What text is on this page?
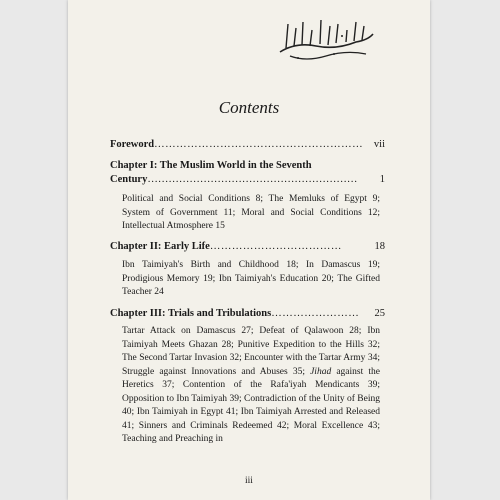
Contents
Foreword………………………………………………… vii
Chapter I: The Muslim World in the Seventh
Century…………………………………………………… 1
Political and Social Conditions 8; The Memluks of Egypt 9; System of Government 11; Moral and Social Conditions 12; Intellectual Atmosphere 15
Chapter II: Early Life………………………………	18
Ibn Taimiyah's Birth and Childhood 18; In Damascus 19; Prodigious Memory 19; Ibn Taimiyah's Education 20; The Gifted Teacher 24
Chapter III: Trials and Tribulations…………………… 25
Tartar Attack on Damascus 27; Defeat of Qalawoon 28; Ibn Taimiyah Meets Ghazan 28; Punitive Expedition to the Hills 32; The Second Tartar Invasion 32; Encounter with the Tartar Army 34; Struggle against Innovations and Abuses 35; Jihad against the Heretics 37; Contention of the Rafa'iyah Mendicants 39; Opposition to Ibn Taimiyah 39; Contradiction of the Unity of Being 40; Ibn Taimiyah in Egypt 41; Ibn Taimiyah Arrested and Released 41; Sinners and Criminals Redeemed 42; Moral Excellence 43; Teaching and Preaching in
iii
